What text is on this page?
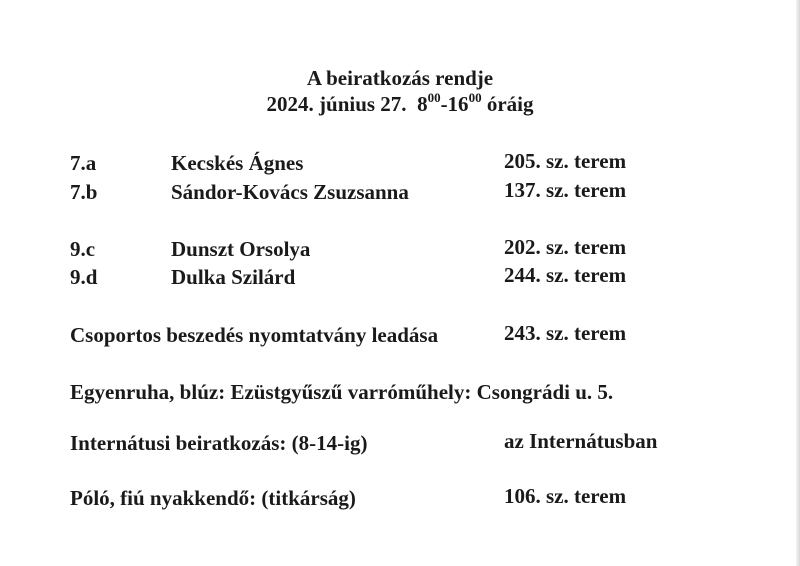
A beiratkozás rendje
2024. június 27. $8^{00}-16^{00}$ óráig
7.a	Kecskés Ágnes	205. sz. terem
7.b	Sándor-Kovács Zsuzsanna	137. sz. terem
9.c	Dunszt Orsolya	202. sz. terem
9.d	Dulka Szilárd	244. sz. terem
Csoportos beszedés nyomtatvány leadása	243. sz. terem
Egyenruha, blúz: Ezüstgyűszű varróműhely: Csongrádi u. 5.
Internátusi beiratkozás: (8-14-ig)	az Internátusban
Póló, fiú nyakkendő: (titkárság)	106. sz. terem
